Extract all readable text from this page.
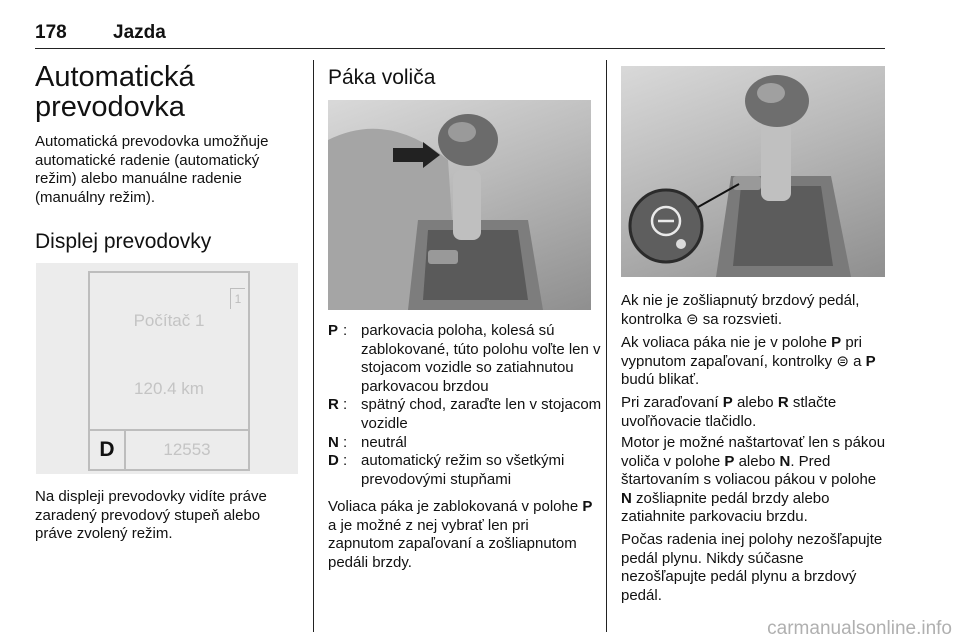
178 Jazda
Automatická
prevodovka
Automatická prevodovka umožňuje automatické radenie (automatický režim) alebo manuálne radenie (manuálny režim).
Displej prevodovky
1
Počítač 1
120.4 km
D	12553
Na displeji prevodovky vidíte práve zaradený prevodový stupeň alebo práve zvolený režim.
Páka voliča
P : parkovacia poloha, kolesá sú zablokované, túto polohu voľte len v stojacom vozidle so zatiahnutou parkovacou brzdou
R : spätný chod, zaraďte len v stojacom vozidle
N : neutrál
D : automatický režim so všetkými prevodovými stupňami
Voliaca páka je zablokovaná v polohe P a je možné z nej vybrať len pri zapnutom zapaľovaní a zošliapnutom pedáli brzdy.
Ak nie je zošliapnutý brzdový pedál, kontrolka ⊜ sa rozsvieti.
Ak voliaca páka nie je v polohe P pri vypnutom zapaľovaní, kontrolky ⊜ a P budú blikať.
Pri zaraďovaní P alebo R stlačte uvoľňovacie tlačidlo.
Motor je možné naštartovať len s pákou voliča v polohe P alebo N. Pred štartovaním s voliacou pákou v polohe N zošliapnite pedál brzdy alebo zatiahnite parkovaciu brzdu.
Počas radenia inej polohy nezošľapujte pedál plynu. Nikdy súčasne nezošľapujte pedál plynu a brzdový pedál.
carmanualsonline.info
